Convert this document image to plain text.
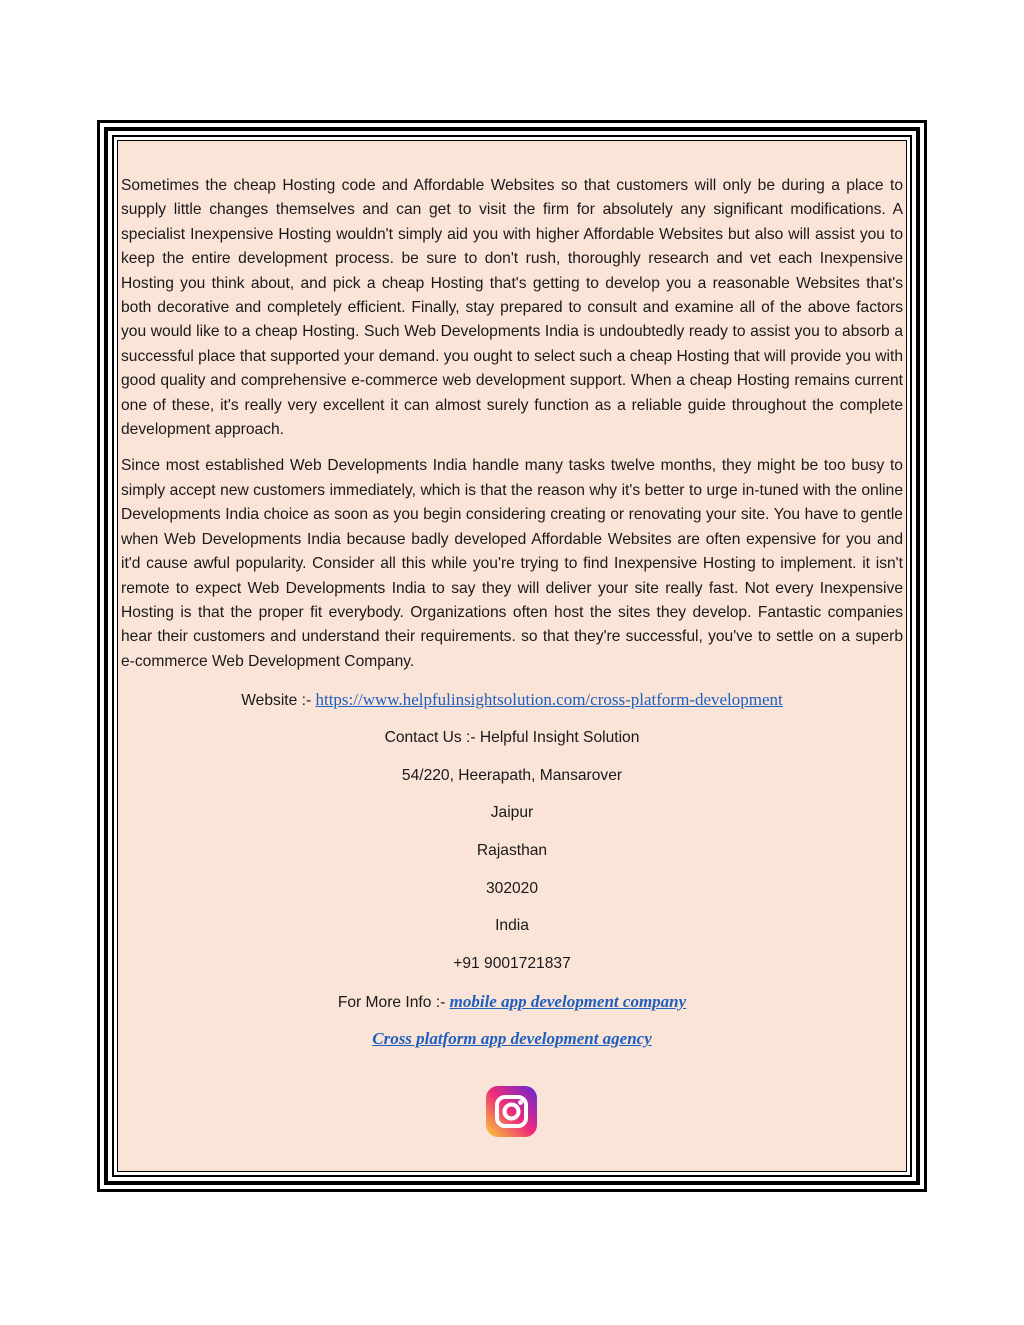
Sometimes the cheap Hosting code and Affordable Websites so that customers will only be during a place to supply little changes themselves and can get to visit the firm for absolutely any significant modifications. A specialist Inexpensive Hosting wouldn't simply aid you with higher Affordable Websites but also will assist you to keep the entire development process. be sure to don't rush, thoroughly research and vet each Inexpensive Hosting you think about, and pick a cheap Hosting that's getting to develop you a reasonable Websites that's both decorative and completely efficient. Finally, stay prepared to consult and examine all of the above factors you would like to a cheap Hosting. Such Web Developments India is undoubtedly ready to assist you to absorb a successful place that supported your demand. you ought to select such a cheap Hosting that will provide you with good quality and comprehensive e-commerce web development support. When a cheap Hosting remains current one of these, it's really very excellent it can almost surely function as a reliable guide throughout the complete development approach.

Since most established Web Developments India handle many tasks twelve months, they might be too busy to simply accept new customers immediately, which is that the reason why it's better to urge in-tuned with the online Developments India choice as soon as you begin considering creating or renovating your site. You have to gentle when Web Developments India because badly developed Affordable Websites are often expensive for you and it'd cause awful popularity. Consider all this while you're trying to find Inexpensive Hosting to implement. it isn't remote to expect Web Developments India to say they will deliver your site really fast. Not every Inexpensive Hosting is that the proper fit everybody. Organizations often host the sites they develop. Fantastic companies hear their customers and understand their requirements. so that they're successful, you've to settle on a superb e-commerce Web Development Company.

Website :- https://www.helpfulinsightsolution.com/cross-platform-development

Contact Us :- Helpful Insight Solution

54/220, Heerapath, Mansarover

Jaipur

Rajasthan

302020

India

+91 9001721837

For More Info :- mobile app development company

Cross platform app development agency
